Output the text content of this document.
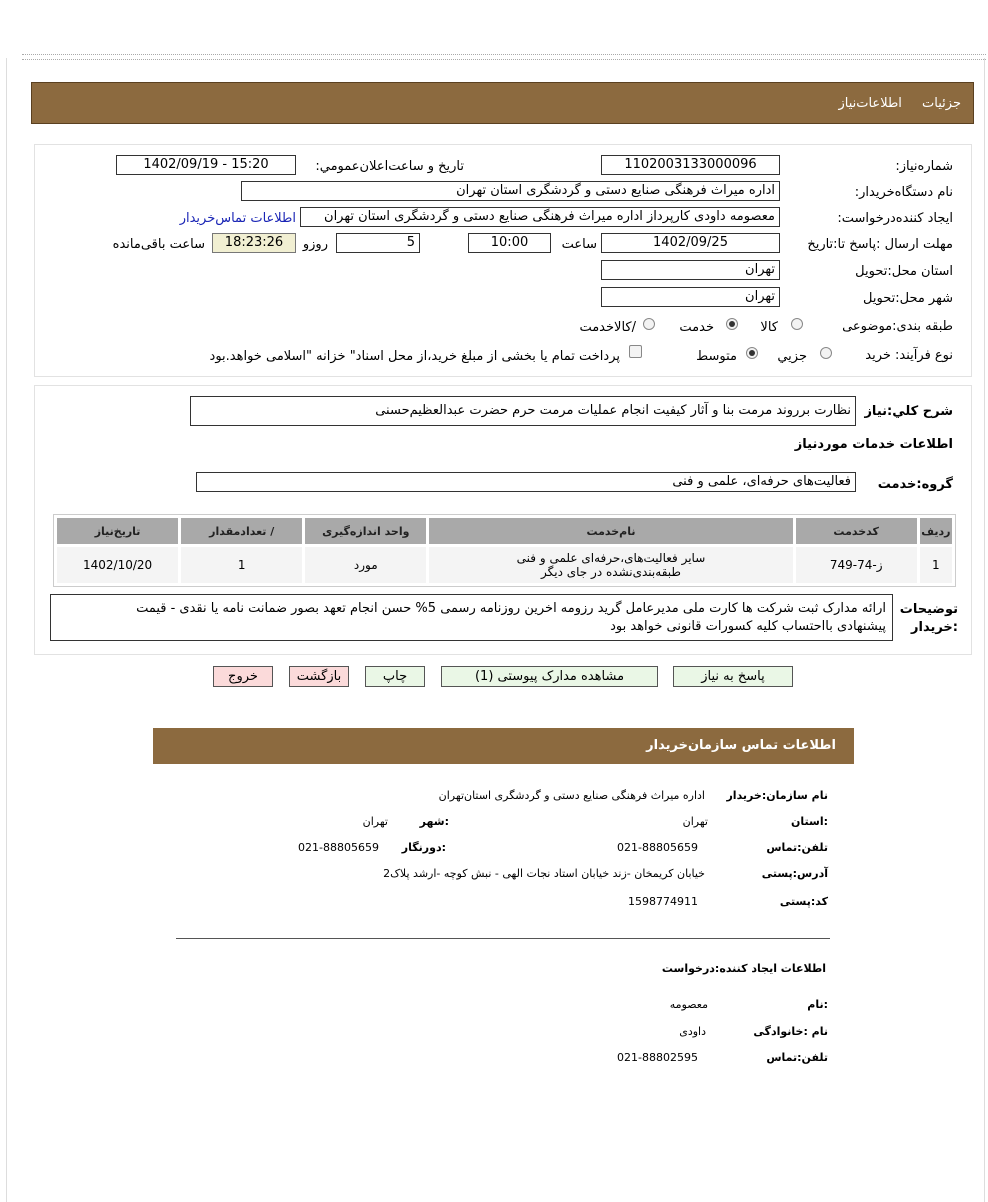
جزئیات اطلاعات‌نیاز
شماره‌نیاز:
1102003133000096
تاریخ و ساعت‌اعلان‌عمومي:
1402/09/19 - 15:20
نام دستگاه‌خریدار:
اداره میراث فرهنگی صنایع دستی و گردشگری استان تهران
ایجاد کننده‌درخواست:
معصومه داودی کارپرداز اداره میراث فرهنگی صنایع دستی و گردشگری استان تهران
اطلاعات تماس‌خریدار
مهلت ارسال :پاسخ تا:تاریخ
1402/09/25
ساعت
10:00
5
روزو
18:23:26
ساعت باقی‌مانده
استان محل:تحویل
تهران
شهر محل:تحویل
تهران
طبقه بندی:موضوعی
کالا
خدمت
/کالاخدمت
نوع فرآیند: خرید
جزیي
متوسط
پرداخت تمام یا بخشی از مبلغ خرید،از محل اسناد" خزانه "اسلامی خواهد.بود
شرح کلي:نیاز
نظارت برروند مرمت بنا و آثار کیفیت انجام عملیات مرمت حرم حضرت عبدالعظیم‌حسنی
اطلاعات خدمات موردنیاز
گروه:خدمت
فعالیت‌های حرفه‌ای، علمی و فنی
ردیف	کدخدمت	نام‌خدمت	واحد اندازه‌گیری	/ تعدادمقدار	تاریخ‌نیاز
1	ز-74-749	سایر فعالیت‌های،حرفه‌ای علمی و فنی
طبقه‌بندی‌نشده در جای دیگر	مورد	1	1402/10/20
توضیحات
:خریدار
ارائه مدارک ثبت شرکت ها کارت ملی مدیرعامل گرید رزومه اخرین روزنامه رسمی 5% حسن انجام تعهد بصور ضمانت نامه یا نقدی - قیمت
پیشنهادی بااحتساب کلیه کسورات قانونی خواهد بود
پاسخ به نیاز
مشاهده مدارک پیوستی (1)
چاپ
بازگشت
خروج
اطلاعات تماس سازمان‌خریدار
نام سازمان:خریدار
اداره میراث فرهنگی صنایع دستی و گردشگری استان‌تهران
:استان
تهران
:شهر
تهران
تلفن:تماس
021-88805659
:دورنگار
021-88805659
آدرس:پستی
خیابان کریمخان -زند خیابان استاد نجات الهی - نبش کوچه -ارشد پلاک2
کد:پستی
1598774911
اطلاعات ایجاد کننده:درخواست
:نام
معصومه
نام :خانوادگی
داودی
تلفن:تماس
021-88802595
